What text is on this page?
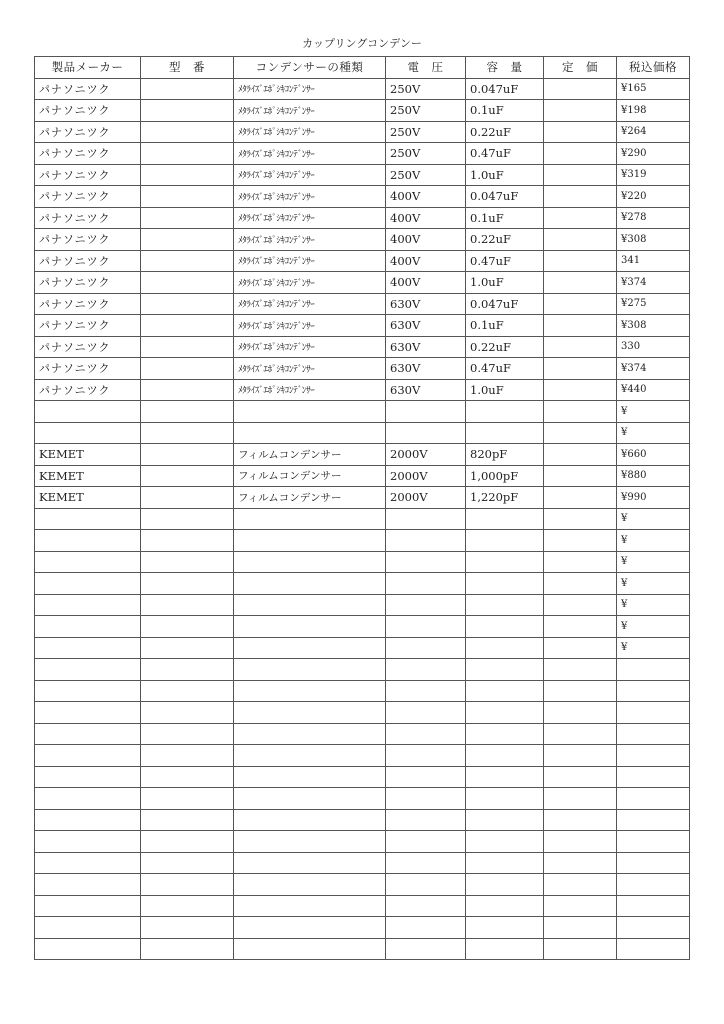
カップリングコンデンー
製品メーカー	型　番	コンデンサーの種類	電　圧	容　量	定　価	税込価格
パナソニツク		ﾒﾀﾗｲｽﾞｴﾎﾟｼｷｺﾝﾃﾞﾝｻｰ	250V	0.047uF		¥165
パナソニツク		ﾒﾀﾗｲｽﾞｴﾎﾟｼｷｺﾝﾃﾞﾝｻｰ	250V	0.1uF		¥198
パナソニツク		ﾒﾀﾗｲｽﾞｴﾎﾟｼｷｺﾝﾃﾞﾝｻｰ	250V	0.22uF		¥264
パナソニツク		ﾒﾀﾗｲｽﾞｴﾎﾟｼｷｺﾝﾃﾞﾝｻｰ	250V	0.47uF		¥290
パナソニツク		ﾒﾀﾗｲｽﾞｴﾎﾟｼｷｺﾝﾃﾞﾝｻｰ	250V	1.0uF		¥319
パナソニツク		ﾒﾀﾗｲｽﾞｴﾎﾟｼｷｺﾝﾃﾞﾝｻｰ	400V	0.047uF		¥220
パナソニツク		ﾒﾀﾗｲｽﾞｴﾎﾟｼｷｺﾝﾃﾞﾝｻｰ	400V	0.1uF		¥278
パナソニツク		ﾒﾀﾗｲｽﾞｴﾎﾟｼｷｺﾝﾃﾞﾝｻｰ	400V	0.22uF		¥308
パナソニツク		ﾒﾀﾗｲｽﾞｴﾎﾟｼｷｺﾝﾃﾞﾝｻｰ	400V	0.47uF		341
パナソニツク		ﾒﾀﾗｲｽﾞｴﾎﾟｼｷｺﾝﾃﾞﾝｻｰ	400V	1.0uF		¥374
パナソニツク		ﾒﾀﾗｲｽﾞｴﾎﾟｼｷｺﾝﾃﾞﾝｻｰ	630V	0.047uF		¥275
パナソニツク		ﾒﾀﾗｲｽﾞｴﾎﾟｼｷｺﾝﾃﾞﾝｻｰ	630V	0.1uF		¥308
パナソニツク		ﾒﾀﾗｲｽﾞｴﾎﾟｼｷｺﾝﾃﾞﾝｻｰ	630V	0.22uF		330
パナソニツク		ﾒﾀﾗｲｽﾞｴﾎﾟｼｷｺﾝﾃﾞﾝｻｰ	630V	0.47uF		¥374
パナソニツク		ﾒﾀﾗｲｽﾞｴﾎﾟｼｷｺﾝﾃﾞﾝｻｰ	630V	1.0uF		¥440
						¥
						¥
KEMET		フィルムコンデンサー	2000V	820pF		¥660
KEMET		フィルムコンデンサー	2000V	1,000pF		¥880
KEMET		フィルムコンデンサー	2000V	1,220pF		¥990
						¥
						¥
						¥
						¥
						¥
						¥
						¥
